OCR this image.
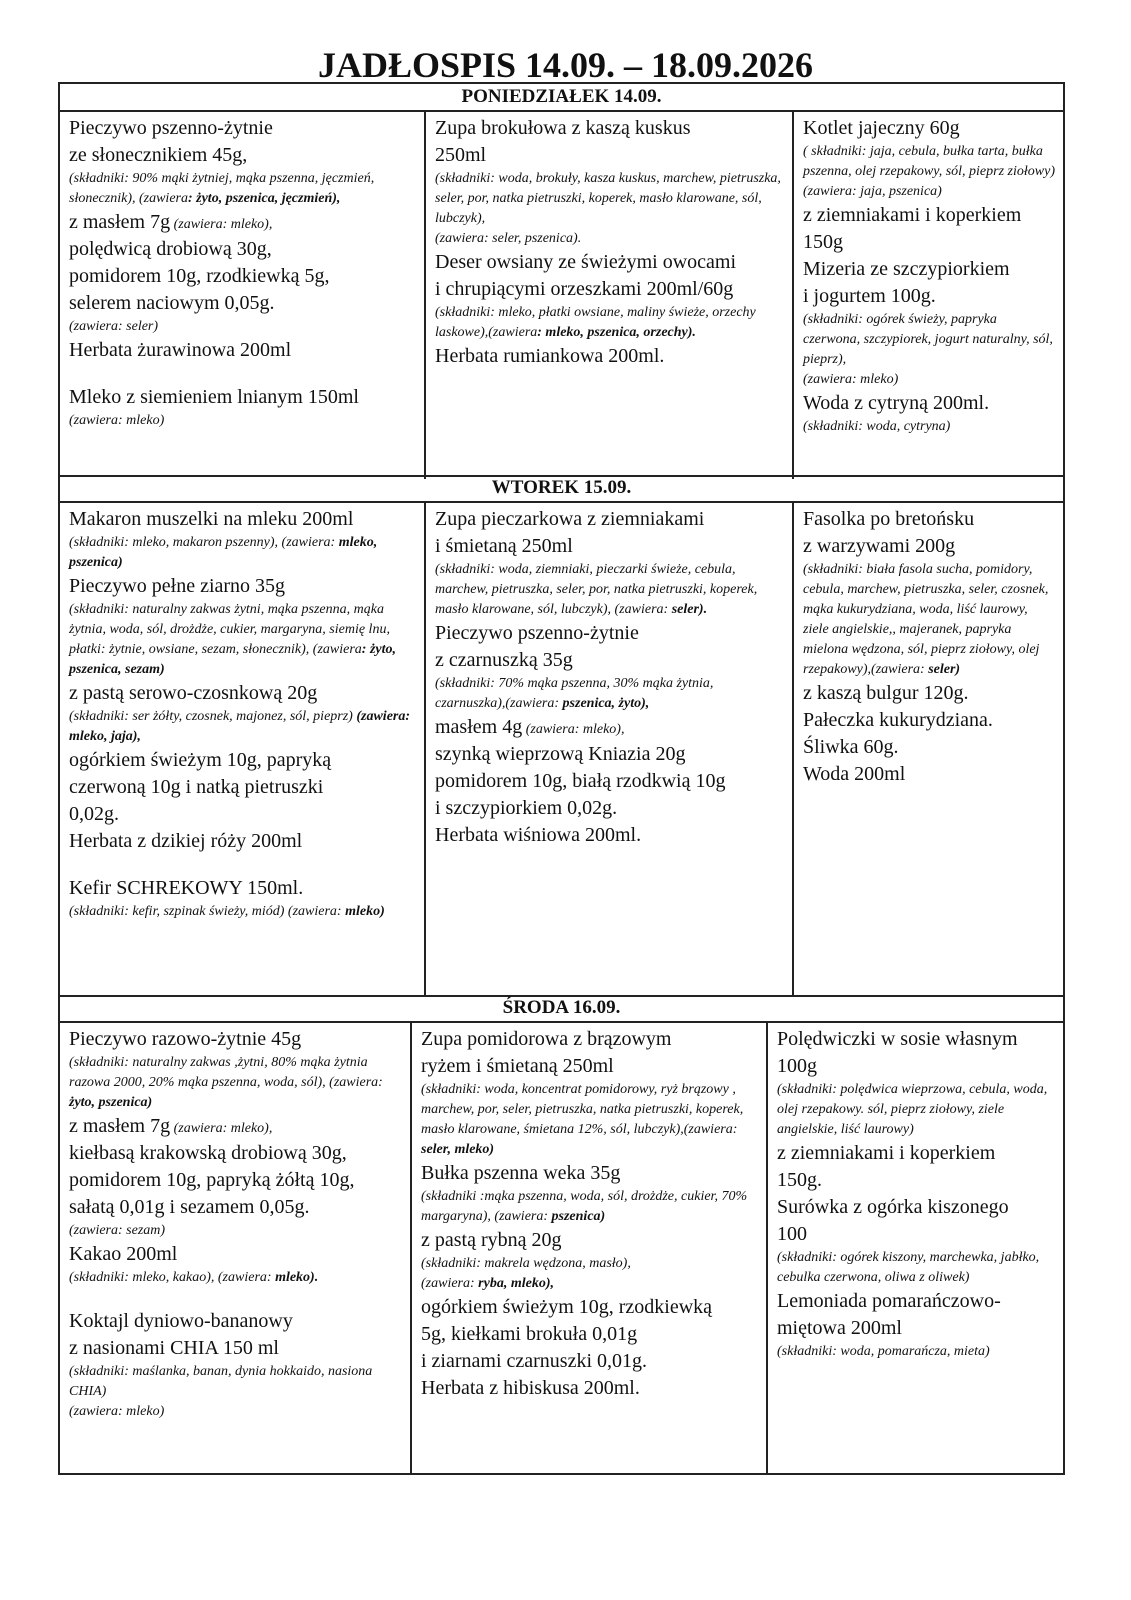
JADŁOSPIS 14.09. – 18.09.2026
PONIEDZIAŁEK 14.09.
Pieczywo pszenno-żytnie
ze słonecznikiem 45g,
(składniki: 90% mąki żytniej, mąka pszenna, jęczmień, słonecznik), (zawiera: żyto, pszenica, jęczmień),
z masłem 7g (zawiera: mleko),
polędwicą drobiową 30g,
pomidorem 10g, rzodkiewką 5g,
selerem naciowym 0,05g.
(zawiera: seler)
Herbata żurawinowa 200ml
Mleko z siemieniem lnianym 150ml
(zawiera: mleko)
Zupa brokułowa z kaszą kuskus
250ml
(składniki: woda, brokuły, kasza kuskus, marchew, pietruszka, seler, por, natka pietruszki, koperek, masło klarowane, sól, lubczyk),
(zawiera: seler, pszenica).
Deser owsiany ze świeżymi owocami
i chrupiącymi orzeszkami 200ml/60g
(składniki: mleko, płatki owsiane, maliny świeże, orzechy laskowe),(zawiera: mleko, pszenica, orzechy).
Herbata rumiankowa 200ml.
Kotlet jajeczny 60g
( składniki: jaja, cebula, bułka tarta, bułka pszenna, olej rzepakowy, sól, pieprz ziołowy)
(zawiera: jaja, pszenica)
z ziemniakami i koperkiem
150g
Mizeria ze szczypiorkiem
i jogurtem 100g.
(składniki: ogórek świeży, papryka czerwona, szczypiorek, jogurt naturalny, sól, pieprz),
(zawiera: mleko)
Woda z cytryną 200ml.
(składniki: woda, cytryna)
WTOREK 15.09.
Makaron muszelki na mleku 200ml
(składniki: mleko, makaron pszenny), (zawiera: mleko, pszenica)
Pieczywo pełne ziarno 35g
(składniki: naturalny zakwas żytni, mąka pszenna, mąka żytnia, woda, sól, drożdże, cukier, margaryna, siemię lnu, płatki: żytnie, owsiane, sezam, słonecznik), (zawiera: żyto, pszenica, sezam)
z pastą serowo-czosnkową 20g
(składniki: ser żółty, czosnek, majonez, sól, pieprz) (zawiera: mleko, jaja),
ogórkiem świeżym 10g, papryką
czerwoną 10g i natką pietruszki
0,02g.
Herbata z dzikiej róży 200ml
Kefir SCHREKOWY 150ml.
(składniki: kefir, szpinak świeży, miód) (zawiera: mleko)
Zupa pieczarkowa z ziemniakami
i śmietaną 250ml
(składniki: woda, ziemniaki, pieczarki świeże, cebula, marchew, pietruszka, seler, por, natka pietruszki, koperek, masło klarowane, sól, lubczyk), (zawiera: seler).
Pieczywo pszenno-żytnie
z czarnuszką 35g
(składniki: 70% mąka pszenna, 30% mąka żytnia, czarnuszka),(zawiera: pszenica, żyto),
masłem 4g (zawiera: mleko),
szynką wieprzową Kniazia 20g
pomidorem 10g, białą rzodkwią 10g
i szczypiorkiem 0,02g.
Herbata wiśniowa 200ml.
Fasolka po bretońsku
z warzywami 200g
(składniki: biała fasola sucha, pomidory, cebula, marchew, pietruszka, seler, czosnek, mąka kukurydziana, woda, liść laurowy, ziele angielskie,, majeranek, papryka mielona wędzona, sól, pieprz ziołowy, olej rzepakowy),(zawiera: seler)
z kaszą bulgur 120g.
Pałeczka kukurydziana.
Śliwka 60g.
Woda 200ml
ŚRODA 16.09.
Pieczywo razowo-żytnie 45g
(składniki: naturalny zakwas ,żytni, 80% mąka żytnia razowa 2000, 20% mąka pszenna, woda, sól), (zawiera: żyto, pszenica)
z masłem 7g (zawiera: mleko),
kiełbasą krakowską drobiową 30g,
pomidorem 10g, papryką żółtą 10g,
sałatą 0,01g i sezamem 0,05g.
(zawiera: sezam)
Kakao 200ml
(składniki: mleko, kakao), (zawiera: mleko).
Koktajl dyniowo-bananowy
z nasionami CHIA 150 ml
(składniki: maślanka, banan, dynia hokkaido, nasiona CHIA)
(zawiera: mleko)
Zupa pomidorowa z brązowym
ryżem i śmietaną 250ml
(składniki: woda, koncentrat pomidorowy, ryż brązowy , marchew, por, seler, pietruszka, natka pietruszki, koperek, masło klarowane, śmietana 12%, sól, lubczyk),(zawiera: seler, mleko)
Bułka pszenna weka 35g
(składniki :mąka pszenna, woda, sól, drożdże, cukier, 70% margaryna), (zawiera: pszenica)
z pastą rybną 20g
(składniki: makrela wędzona, masło),
(zawiera: ryba, mleko),
ogórkiem świeżym 10g, rzodkiewką
5g, kiełkami brokuła 0,01g
i ziarnami czarnuszki 0,01g.
Herbata z hibiskusa 200ml.
Polędwiczki w sosie własnym
100g
(składniki: polędwica wieprzowa, cebula, woda, olej rzepakowy. sól, pieprz ziołowy, ziele angielskie, liść laurowy)
z ziemniakami i koperkiem
150g.
Surówka z ogórka kiszonego
100
(składniki: ogórek kiszony, marchewka, jabłko, cebulka czerwona, oliwa z oliwek)
Lemoniada pomarańczowo-
miętowa 200ml
(składniki: woda, pomarańcza, mieta)
